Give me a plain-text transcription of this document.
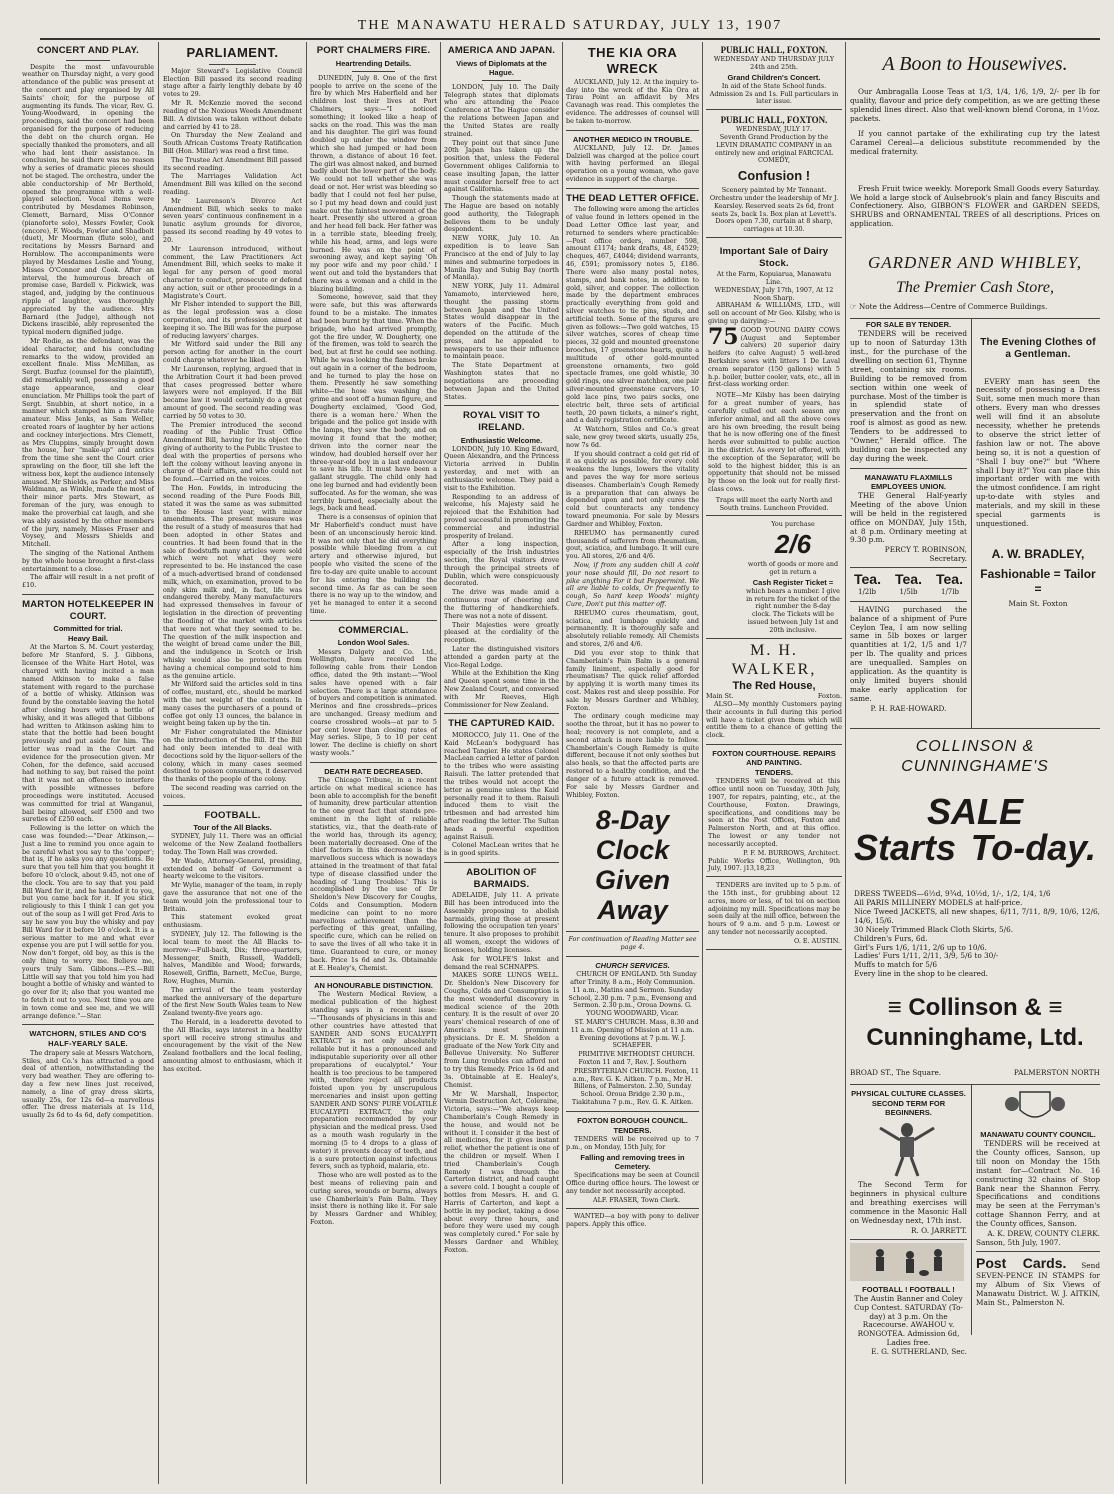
THE MANAWATU HERALD SATURDAY, JULY 13, 1907
CONCERT AND PLAY.

Despite the most unfavourable weather on Thursday night, a very good attendance of the public was present at the concert and play organised by All Saints' choir, for the purpose of augmenting its funds. The vicar, Rev. G. Young-Woodward, in opening the proceedings, said the concert had been organised for the purpose of reducing the debt on the church organ. He specially thanked the promoters, and all who had lent their assistance. In conclusion, he said there was no reason why a series of dramatic pieces should not be staged. The orchestra, under the able conductorship of Mr Berthold, opened the programme with a well-played selection. Vocal items were contributed by Mesdames Robinson, Clemett, Barnard, Miss O'Connor (pianoforte solo), Messrs Fowler, Cook (encore), F. Woods, Fowler and Shadbolt (duet), Mr Moorman (flute solo), and recitations by Messrs Barnard and Hornblow. The accompaniments were played by Mesdames Leslie and Young, Misses O'Connor and Cook. After an interval, the humourous breach of promise case, Bardell v. Pickwick, was staged, and, judging by the continuous ripple of laughter, was thoroughly appreciated by the audience. Mrs Barnard (the Judge), although not Dickens irascible, ably represented the typical modern dignified judge.

Mr Rodie, as the defendant, was the ideal character, and his concluding remarks to the widow, provided an excellent finale. Miss McMillan, as Sergt. Buzfuz (counsel for the plaintiff), did remarkably well, possessing a good stage appearance, and clear enunciation. Mr Phillips took the part of Sergt. Snubbin, at short notice, in a manner which stamped him a first-rate amateur. Miss Jenks, as Sam Weller, created roars of laughter by her actions and cockney interjections. Mrs Clemett, as Mrs Cluppins, simply brought down the house, her "make-up" and antics from the time she sent the Court crier sprawling on the floor, till she left the witness box, kept the audience intensely amused. Mr Shields, as Perker, and Miss Waldmann, as Winkle, made the most of their minor parts. Mrs Stewart, as foreman of the jury, was enough to make the proverbial cat laugh, and she was ably assisted by the other members of the jury, namely, Misses Fraser and Voysey, and Messrs Shields and Mitchell.

The singing of the National Anthem by the whole house brought a first-class entertainment to a close.

The affair will result in a net profit of £10.

MARTON HOTELKEEPER IN COURT.
Committed for trial.
Heavy Bail.

At the Marton S. M. Court yesterday, before Mr Stanford, S. J. Gibbons, licensee of the White Hart Hotel, was charged with having incited a man named Atkinson to make a false statement with regard to the purchase of a bottle of whisky. Atkinson was found by the constable leaving the hotel after closing hours with a bottle of whisky, and it was alleged that Gibbons had written to Atkinson asking him to state that the bottle had been bought previously and put aside for him. The letter was read in the Court and evidence for the prosecution given. Mr Cohen, for the defence, said accused had nothing to say, but raised the point that it was not an offence to interfere with possible witnesses before proceedings were instituted. Accused was committed for trial at Wanganui, bail being allowed, self £500 and two sureties of £250 each.

Following is the letter on which the case was founded:—"Dear Atkinson,—Just a line to remind you once again to be careful what you say to the 'copper'; that is, if he asks you any questions. Be sure that you tell him that you bought it before 10 o'clock, about 9.45, not one of the clock. You are to say that you paid Bill Ward for it, and he handed it to you, but you came back for it. If you stick religiously to this I think I can get you out of the soup as I will get Fred Avis to say he saw you buy the whisky and pay Bill Ward for it before 10 o'clock. It is a serious matter to me and what ever expense you are put I will settle for you. Now don't forget, old boy, as this is the only thing to worry me. Believe me, yours truly Sam. Gibbons.—P.S.—Bill Little will say that you told him you had bought a bottle of whisky and wanted to go over for it; also that you wanted me to fetch it out to you. Next time you are in town come and see me, and we will arrange defence."—Star.

WATCHORN, STILES AND CO'S HALF-YEARLY SALE.

The drapery sale at Messrs Watchorn, Stiles, and Co.'s has attracted a good deal of attention, notwithstanding the very bad weather. They are offering to-day a few new lines just received, namely, a line of gray dress skirts, usually 25s, for 12s 6d—a marvellous offer. The dress materials at 1s 11d, usually 2s 6d to 4s 6d, defy competition.

PARLIAMENT.

Major Steward's Legislative Council Election Bill passed its second reading stage after a fairly lengthly debate by 40 votes to 29.

Mr R. McKenzie moved the second reading of the Noxious Weeds Amendment Bill. A division was taken without debate and carried by 41 to 28.

On Thursday the New Zealand and South African Customs Treaty Ratification Bill (Hon. Millar) was read a first time.

The Trustee Act Amendment Bill passed its second reading.

The Marriages Validation Act Amendment Bill was killed on the second reading.

Mr Laurenson's Divorce Act Amendment Bill, which seeks to make seven years' continuous confinement in a lunatic asylum grounds for divorce, passed its second reading by 49 votes to 20.

Mr Laurenson introduced, without comment, the Law Practitioners Act Amendment Bill, which seeks to make it legal for any person of good moral character to conduct, prosecute or defend any action, suit or other proceedings in a Magistrate's Court.

Mr Fisher intended to support the Bill, as the legal profession was a close corporation, and its profession aimed at keeping it so. The Bill was for the purpose of reducing lawyers' charges.

Mr Witford said under the Bill any person acting for another in the court could charge whatever he liked.

Mr Laurenson, replying, argued that in the Arbitration Court it had been proved that cases progressed better where lawyers were not employed. If the Bill became law it would certainly do a great amount of good. The second reading was carried by 50 votes to 30.

The Premier introduced the second reading of the Public Trust Office Amendment Bill, having for its object the giving of authority to the Public Trustee to deal with the properties of persons who left the colony without leaving anyone in charge of their affairs, and who could not be found.—Carried on the voices.

The Hon. Fowlds, in introducing the second reading of the Pure Foods Bill, stated it was the same as was submitted to the House last year, with minor amendments. The present measure was the result of a study of measures that had been adopted in other States and countries. It had been found that in the sale of foodstuffs many articles were sold which were not what they were represented to be. He instanced the case of a much-advertised brand of condensed milk, which, on examination, proved to be only skim milk and, in fact, life was endangered thereby. Many manufacturers had expressed themselves in favour of legislation in the direction of preventing the flooding of the market with articles that were not what they seemed to be. The question of the milk inspection and the weight of bread came under the Bill, and the indulgence in Scotch or Irish whisky would also be protected from having a chemical compound sold to him as the genuine article.

Mr Wilford said the articles sold in tins of coffee, mustard, etc., should be marked with the net weight of the contents. In many cases the purchasers of a pound of coffee got only 13 ounces, the balance in weight being taken up by the tin.

Mr Fisher congratulated the Minister on the introduction of the Bill. If the Bill had only been intended to deal with decoctions sold by the liquor-sellers of the colony, which in many cases seemed destined to poison consumers, it deserved the thanks of the people of the colony.

The second reading was carried on the voices.

FOOTBALL.
Tour of the All Blacks.

SYDNEY, July 11. There was an official welcome of the New Zealand footballers today. The Town Hall was crowded.

Mr Wade, Attorney-General, presiding, extended on behalf of Government a hearty welcome to the visitors.

Mr Wylie, manager of the team, in reply gave the assurance that not one of the team would join the professional tour to Britain.

This statement evoked great enthusiasm.

SYDNEY, July 12. The following is the local team to meet the All Blacks to-morrow:—Full-back, Dix; three-quarters, Messenger, Smith, Russell, Waddell; halves, Mandible and Wood; forwards, Rosewell, Griffin, Barnett, McCue, Burge, Row, Hughes, Murnin.

The arrival of the team yesterday marked the anniversary of the departure of the first New South Wales team to New Zealand twenty-five years ago.

The Herald, in a leaderette devoted to the All Blacks, says interest in a healthy sport will receive strong stimulus and encouragement by the visit of the New Zealand footballers and the local feeling, amounting almost to enthusiasm, which it has excited.

PORT CHALMERS FIRE.
Heartrending Details.

DUNEDIN, July 8. One of the first people to arrive on the scene of the fire by which Mrs Haberfield and her children lost their lives at Port Chalmers, says:—"I noticed something; it looked like a heap of sacks on the road. This was the man and his daughter. The girl was found doubled up under the window from which she had jumped or had been thrown, a distance of about 16 feet. The girl was almost naked, and burned badly about the lower part of the body. We could not tell whether she was dead or not. Her wrist was bleeding so badly that I could not feel her pulse, so I put my head down and could just make out the faintest movement of the heart. Presently she uttered a groan and her head fell back. Her father was in a terrible state, bleeding freely, while his head, arms, and legs were burned. He was on the point of swooning away, and kept saying 'Oh my poor wife and my poor child.' I went out and told the bystanders that there was a woman and a child in the blazing building.

Someone, however, said that they were safe, but this was afterwards found to be a mistake. The inmates had been burnt by that time. When the brigade, who had arrived promptly, got the fire under, W. Dougherty, one of the firemen, was told to search the bed, but at first he could see nothing. While he was looking the flames broke out again in a corner of the bedroom, and he turned to play the hose on them. Presently he saw something white—the hose was washing the grime and soot off a human figure, and Dougherty exclaimed, 'Good God, there is a woman here.' When the brigade and the police got inside with the lamps, they saw the body, and on moving it found that the mother, driven into the corner near the window, had doubled herself over her three-year-old boy in a last endeavour to save his life. It must have been a gallant struggle. The child only had one leg burned and had evidently been suffocated. As for the woman, she was terribly burned, especially about the legs, back and head.

There is a consensus of opinion that Mr Haberfield's conduct must have been of an unconsciously heroic kind. It was not only that he did everything possible while bleeding from a cut artery and otherwise injured, but people who visited the scene of the fire to-day are quite unable to account for his entering the building the second time. As far as can be seen there is no way up to the window, and yet he managed to enter it a second time.

COMMERCIAL.
London Wool Sales.

Messrs Dalgety and Co. Ltd., Wellington, have received the following cable from their London office, dated the 9th instant:—"Wool sales have opened with a fair selection. There is a large attendance of buyers and competition is animated. Merinos and fine crossbreds—prices are unchanged. Greasy medium and coarse crossbred wools—at par to 5 per cent lower than closing rates of May series. Slipe, 5 to 10 per cent lower. The decline is chiefly on short wasty wools."

DEATH RATE DECREASED.

The Chicago Tribune, in a recent article on what medical science has been able to accomplish for the benefit of humanity, drew particular attention to the one great fact that stands pre-eminent in the light of reliable statistics, viz., that the death-rate of the world has, through its agency, been materially decreased. One of the chief factors in this decrease is the marvellous success which is nowadays attained in the treatment of that fatal type of disease classified under the heading of 'Lung Troubles.' This is accomplished by the use of Dr Sheldon's New Discovery for Coughs, Colds and Consumption. Modern medicine can point to no more marvellous achievement than the perfecting of this great, unfailing, specific cure, which can be relied on to save the lives of all who take it in time. Guaranteed to cure, or money back. Price 1s 6d and 3s. Obtainable at E. Healey's, Chemist.

AN HONOURABLE DISTINCTION.

The Western Medical Review, a medical publication of the highest standing says in a recent issue:—"Thousands of physicians in this and other countries have attested that SANDER AND SONS EUCALYPTI EXTRACT is not only absolutely reliable but it has a pronounced and indisputable superiority over all other preparations of eucalyptol." Your health is too precious to be tampered with, therefore reject all products foisted upon you by unscrupulous mercenaries and insist upon getting SANDER AND SONS' PURE VOLATILE EUCALYPTI EXTRACT, the only preparation recommended by your physician and the medical press. Used as a mouth wash regularly in the morning (5 to 4 drops to a glass of water) it prevents decay of teeth, and is a sure protection against infectious fevers, such as typhoid, malaria, etc.

Those who are well posted as to the best means of relieving pain and curing sores, wounds or burns, always use Chamberlain's Pain Balm. They insist there is nothing like it. For sale by Messrs Gardner and Whibley, Foxton.

AMERICA AND JAPAN.
Views of Diplomats at the Hague.

LONDON, July 10. The Daily Telegraph states that diplomats who are attending the Peace Conference at The Hague consider the relations between Japan and the United States are really strained.

They point out that since June 20th Japan has taken up the position that, unless the Federal Government obliges California to cease insulting Japan, the latter must consider herself free to act against California.

Though the statements made at The Hague are based on notably good authority, the Telegraph believes them to be unduly despondent.

NEW YORK, July 10. An expedition is to leave San Francisco at the end of July to lay mines and submarine torpedoes in Manila Bay and Subig Bay (north of Manila).

NEW YORK, July 11. Admiral Yamamoto, interviewed here, thought the passing storm between Japan and the United States would disappear in the waters of the Pacific. Much depended on the attitude of the press, and he appealed to newspapers to use their influence to maintain peace.

The State Department at Washington states that no negotiations are proceeding between Japan and the United States.

ROYAL VISIT TO IRELAND.
Enthusiastic Welcome.

LONDON, July 10. King Edward, Queen Alexandra, and the Princess Victoria arrived in Dublin yesterday, and met with an enthusiastic welcome. They paid a visit to the Exhibition.

Responding to an address of welcome, his Majesty said he rejoiced that the Exhibition had proved successful in promoting the commercial and industrial prosperity of Ireland.

After a long inspection, especially of the Irish industries section, the Royal visitors drove through the principal streets of Dublin, which were conspicuously decorated.

The drive was made amid a continuous roar of cheering and the fluttering of handkerchiefs. There was not a note of dissent.

Their Majesties were greatly pleased at the cordiality of the reception.

Later the distinguished visitors attended a garden party at the Vice-Regal Lodge.

While at the Exhibition the King and Queen spent some time in the New Zealand Court, and conversed with Mr Reeves, High Commissioner for New Zealand.

THE CAPTURED KAID.

MOROCCO, July 11. One of the Kaid McLean's bodyguard has reached Tangier. He states Colonel MacLean carried a letter of pardon to the tribes who were assisting Raisuli. The latter pretended that the tribes would not accept the letter as genuine unless the Kaid personally read it to them. Raisuli induced them to visit the tribesmen and had arrested him after reading the letter. The Sultan heads a powerful expedition against Raisuli.

Colonel MacLean writes that he is in good spirits.

ABOLITION OF BARMAIDS.

ADELAIDE, July 11. A private Bill has been introduced into the Assembly proposing to abolish barmaids, giving those at present following the occupation ten years' tenure. It also proposes to prohibit all women, except the widows of licensees, holding licenses.

Ask for WOLFE'S Inkst and demand the real SCHNAPPS.

MAKES SORE LUNGS WELL. Dr. Sheldon's New Discovery for Coughs, Colds and Consumption is the most wonderful discovery in medical science of the 20th century. It is the result of over 20 years' chemical research of one of America's most prominent physicians. Dr E. M. Sheldon a graduate of the New York City and Bellevue University. No Sufferer from Lung troubles can afford not to try this Remedy. Price 1s 6d and 3s. Obtainable at E. Healey's, Chemist.

Mr W. Marshall, Inspector, Vermin Destruction Act, Coleraine, Victoria, says:—"We always keep Chamberlain's Cough Remedy in the house, and would not be without it. I consider it the best of all medicines, for it gives instant relief, whether the patient is one of the children or myself. When I tried Chamberlain's Cough Remedy I was through the Carterton district, and had caught a severe cold. I bought a couple of bottles from Messrs. H. and G. Harris of Carterton, and kept a bottle in my pocket, taking a dose about every three hours, and before they were used my cough was completely cured." For sale by Messrs Gardner and Whibley, Foxton.

THE KIA ORA WRECK

AUCKLAND, July 12. At the inquiry to-day into the wreck of the Kia Ora at Tirau Point an affidavit by Mrs Cavanagh was read. This completes the evidence. The addresses of counsel will be taken to-morrow.

ANOTHER MEDICO IN TROUBLE.

AUCKLAND, July 12. Dr. James Dalziell was charged at the police court with having performed an illegal operation on a young woman, who gave evidence in support of the charge.

THE DEAD LETTER OFFICE.

The following were among the articles of value found in letters opened in the Dead Letter Office last year, and returned to senders where practicable:—Post office orders, number 598, amount £1174; bank drafts, 48, £4529; cheques, 467, £4044; dividend warrants, 46, £591; promissory notes 5, £186. There were also many postal notes, stamps, and bank notes, in addition to gold, silver, and copper. The collection made by the department embraces practically everything from gold and silver watches to tie pins, studs, and artificial teeth. Some of the figures are given as follows:—Two gold watches, 15 silver watches, scores of cheap time pieces, 32 gold and mounted greenstone brooches, 17 greenstone hearts, quite a multitude of other gold-mounted greenstone ornaments, two gold spectacle frames, one gold whistle, 30 gold rings, one silver matchbox, one pair silver-mounted greenstone carvers, 10 gold lace pins, two pairs socks, one electric belt, three sets of artificial teeth, 20 pawn tickets, a miner's right, and a daily registration certificate.

At Watchorn, Stiles and Co.'s great sale, new grey tweed skirts, usually 25s, now 7s 6d.

If you should contract a cold get rid of it as quickly as possible, for every cold weakens the lungs, lowers the vitality and paves the way for more serious diseases. Chamberlain's Cough Remedy is a preparation that can always be depended upon and not only cures the cold but counteracts any tendency toward pneumonia. For sale by Messrs Gardner and Whibley, Foxton.

RHEUMO has permanently cured thousands of sufferers from rheumatism, gout, sciatica, and lumbago. It will cure you. All stores, 2/6 and 4/6.

Now, if from any sudden chill A cold your nose should fill, Do not resort to pike anything For it but Peppermint. We all are liable to colds, Or frequently to cough, So hard keep Woods' mighty Cure, Don't put this matter off.

RHEUMO cures rheumatism, gout, sciatica, and lumbago quickly and permanently. It is thoroughly safe and absolutely reliable remedy. All Chemists and stores, 2/6 and 4/6.

Did you ever stop to think that Chamberlain's Pain Balm is a general family liniment, especially good for rheumatism? The quick relief afforded by applying it is worth many times its cost. Makes rest and sleep possible. For sale by Messrs Gardner and Whibley, Foxton.

The ordinary cough medicine may soothe the throat, but it has no power to heal; recovery is not complete, and a second attack is more liable to follow. Chamberlain's Cough Remedy is quite different, because it not only soothes but also heals, so that the affected parts are restored to a healthy condition, and the danger of a future attack is removed. For sale by Messrs Gardner and Whibley, Foxton.

8-Day Clock Given Away
For continuation of Reading Matter see page 4.
CHURCH SERVICES.

CHURCH OF ENGLAND. 5th Sunday after Trinity. 8 a.m., Holy Communion. 11 a.m., Matins and Sermon. Sunday School, 2.30 p.m. 7 p.m., Evensong and Sermon. 2.30 p.m., Oroua Downs. G. YOUNG WOODWARD, Vicar.

ST. MARY'S CHURCH. Mass, 8.30 and 11 a.m. Opening of Mission at 11 a.m. Evening devotions at 7 p.m. W. J. SCHAEFER.

PRIMITIVE METHODIST CHURCH. Foxton 11 and 7, Rev. J. Southern

PRESBYTERIAN CHURCH. Foxton, 11 a.m., Rev. G. K. Aitken. 7 p.m., Mr H. Billens, of Palmerston. 2.30, Sunday School. Oroua Bridge 2.30 p.m., Tiakitahuna 7 p.m., Rev. G. K. Aitken.

FOXTON BOROUGH COUNCIL.
TENDERS.

TENDERS will be received up to 7 p.m., on Monday, 15th July, for

Falling and removing trees in Cemetery.

Specifications may be seen at Council Office during office hours. The lowest or any tender not necessarily accepted.

ALF. FRASER, Town Clerk.

WANTED—a boy with pony to deliver papers. Apply this office.

PUBLIC HALL, FOXTON.
WEDNESDAY AND THURSDAY JULY 24th and 25th.
Grand Children's Concert.
In aid of the State School funds. Admission 2s and 1s. Full particulars in later issue.
PUBLIC HALL, FOXTON.
WEDNESDAY, JULY 17.
Seventh Grand Production by the LEVIN DRAMATIC COMPANY in an entirely new and original FARCICAL COMEDY,
Confusion !
Scenery painted by Mr Tennant. Orchestra under the leadership of Mr J. Kearsley. Reserved seats 2s 6d, front seats 2s, back 1s. Box plan at Levett's. Doors open 7.30, curtain at 8 sharp, carriages at 10.30.
Important Sale of Dairy Stock.
At the Farm, Kopuiarua, Manawatu Line.
WEDNESDAY, July 17th, 1907, At 12 Noon Sharp.

ABRAHAM & WILLIAMS, LTD., will sell on account of Mr Geo. Kilsby, who is giving up dairying:—

75 GOOD YOUNG DAIRY COWS (August and September calvers) 20 superior dairy heifers (to calve August) 5 well-bred Berkshire sows with litters 1 De Laval cream separator (150 gallons) with 5 h.p. boiler, butter cooler, vats, etc., all in first-class working order.

NOTE—Mr Kilsby has been dairying for a great number of years, has carefully culled out each season any inferior animal, and all the above cows are his own breeding, the result being that he is now offering one of the finest herds ever submitted to public auction in the district. As every lot offered, with the exception of the Separator, will be sold to the highest bidder, this is an opportunity that should not be missed by those on the look out for really first-class cows.

Traps will meet the early North and South trains. Luncheon Provided.
You purchase
2/6
worth of goods or more and get in return a
Cash Register Ticket =
which bears a number. I give in return for the ticket of the right number the 8-day clock. The Tickets will be issued between July 1st and 20th inclusive.
M. H. WALKER,
The Red House,
Main St.	Foxton.

ALSO—My monthly Customers paying their accounts in full during this period will have a ticket given them which will entitle them to a chance of getting the clock.

FOXTON COURTHOUSE. REPAIRS AND PAINTING.
TENDERS.

TENDERS will be received at this office until noon on Tuesday, 30th July, 1907, for repairs, painting, etc., at the Courthouse, Foxton. Drawings, specifications, and conditions may be seen at the Post Offices, Foxton and Palmerston North, and at this office. The lowest or any tender not necessarily accepted.

P. F. M. BURROWS, Architect.
Public Works Office, Wellington, 9th July, 1907. j13,18,23

TENDERS are invited up to 5 p.m. of the 15th inst., for grubbing about 12 acres, more or less, of toi toi on section adjoining my mill. Specifications may be seen daily at the mill office, between the hours of 9 a.m. and 5 p.m. Lowest or any tender not necessarily accepted.

O. E. AUSTIN.
A Boon to Housewives.

Our Ambragalla Loose Teas at 1/3, 1/4, 1/6, 1/9, 2/- per lb for quality, flavour and price defy competition, as we are getting these splendid lines direct. Also that well-known blend Corona, in 1½oz. packets.

If you cannot partake of the exhilirating cup try the latest Caramel Cereal—a delicious substitute recommended by the medical fraternity.

Fresh Fruit twice weekly. Morepork Small Goods every Saturday. We hold a large stock of Aulsebrook's plain and fancy Biscuits and Confectionery. Also, GIBBON'S FLOWER and GARDEN SEEDS, SHRUBS and ORNAMENTAL TREES of all descriptions. Prices on application.

GARDNER AND WHIBLEY,
The Premier Cash Store,
☞ Note the Address—Centre of Commerce Buildings.
FOR SALE BY TENDER.

TENDERS will be received up to noon of Saturday 13th inst., for the purchase of the dwelling on section 61, Thynne street, containing six rooms. Building to be removed from section within one week of purchase. Most of the timber is in splendid state of preservation and the front on roof is almost as good as new. Tenders to be addressed to "Owner," Herald office. The building can be inspected any day during the week.

MANAWATU FLAXMILLS EMPLOYEES UNION.

THE General Half-yearly Meeting of the above Union will be held in the registered office on MONDAY, July 15th, at 8 p.m. Ordinary meeting at 9.30 p.m.

PERCY T. ROBINSON, Secretary.
Tea. Tea. Tea.
1/2lb	1/5lb	1/7lb

HAVING purchased the balance of a shipment of Pure Ceylon Tea, I am now selling same in 5lb boxes or larger quantities at 1/2, 1/5 and 1/7 per lb. The quality and prices are unequalled. Samples on application. As the quantity is only limited buyers should make early application for same.

P. H. RAE-HOWARD.
The Evening Clothes of a Gentleman.

EVERY man has seen the necessity of possessing a Dress Suit, some men much more than others. Every man who dresses well will find it an absolute necessity, whether he pretends to observe the strict letter of fashion law or not. The above being so, it is not a question of "Shall I buy one?" but "Where shall I buy it?" You can place this important order with me with the utmost confidence. I am right up-to-date with styles and materials, and my skill in these special garments is unquestioned.

A. W. BRADLEY,
Fashionable = Tailor =
Main St. Foxton
COLLINSON & CUNNINGHAME'S
SALE
Starts To-day.
DRESS TWEEDS—6½d, 9¾d, 10½d, 1/-, 1/2, 1/4, 1/6
All PARIS MILLINERY MODELS at half-price.
Nice Tweed JACKETS, all new shapes, 6/11, 7/11, 8/9, 10/6, 12/6, 14/6, 15/6.
30 Nicely Trimmed Black Cloth Skirts, 5/6.
Children's Furs, 6d.
Girl's Furs 1/6, 1/11, 2/6 up to 10/6.
Ladies' Furs 1/11, 2/11, 3/9, 5/6 to 30/-
Muffs to match for 5/6
Every line in the shop to be cleared.
≡ Collinson & ≡
Cunninghame, Ltd.
BROAD ST., The Square.	PALMERSTON NORTH
PHYSICAL CULTURE CLASSES.
SECOND TERM FOR BEGINNERS.

The Second Term for beginners in physical culture and breathing exercises will commence in the Masonic Hall on Wednesday next, 17th inst.

R. O. JARRETT.
FOOTBALL ! FOOTBALL !
The Austin Banner and Coley Cup Contest. SATURDAY (To-day) at 3 p.m. On the Racecourse. AWAHOU v. RONGOTEA. Admission 6d, Ladies free.
E. G. SUTHERLAND, Sec.
MANAWATU COUNTY COUNCIL.

TENDERS will be received at the County offices, Sanson, up till noon on Monday the 15th instant for—Contract No. 16 constructing 32 chains of Stop Bank near the Shannon Ferry. Specifications and conditions may be seen at the Ferryman's cottage Shannon Ferry, and at the County offices, Sanson.

A. K. DREW, COUNTY CLERK.
Sanson, 5th July, 1907.
Post Cards. Send SEVEN-PENCE IN STAMPS for my Album of Six Views of Manawatu District. W. J. AITKIN, Main St., Palmerston N.
